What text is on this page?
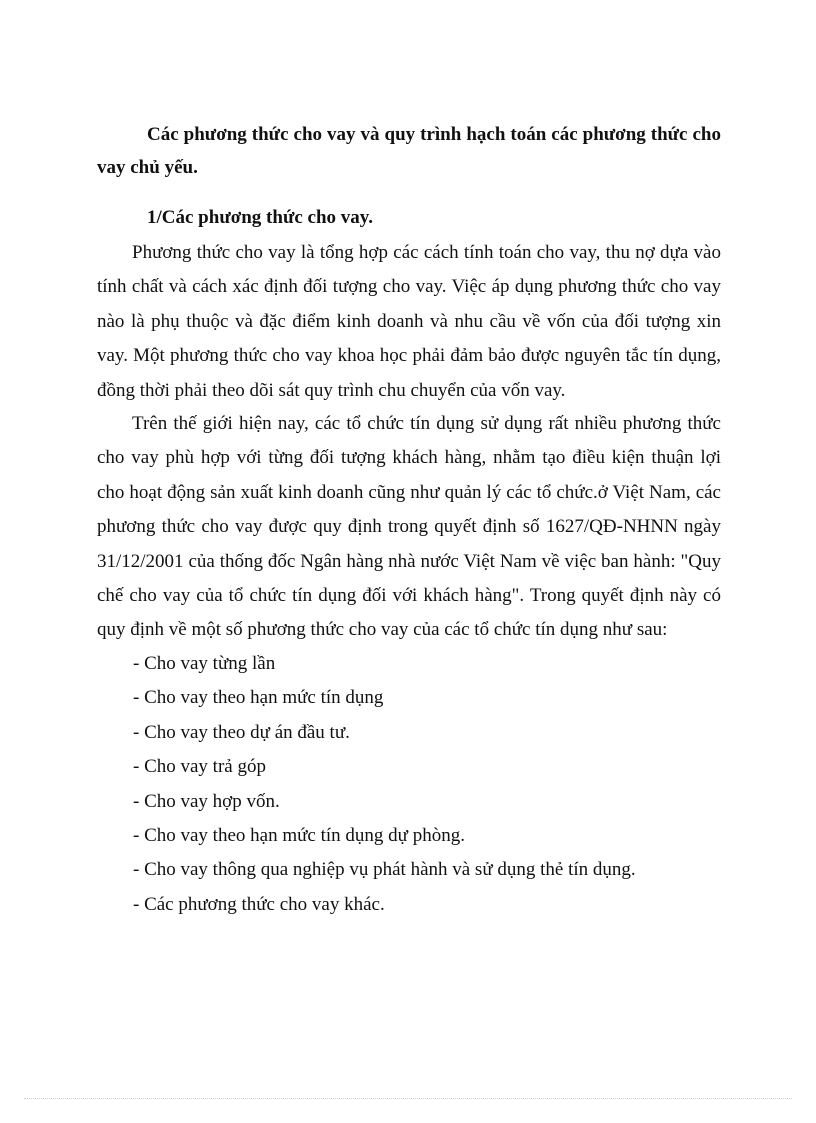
Các phương thức cho vay và quy trình hạch toán các phương thức cho vay chủ yếu.

1/Các phương thức cho vay.

Phương thức cho vay là tổng hợp các cách tính toán cho vay, thu nợ dựa vào tính chất và cách xác định đối tượng cho vay. Việc áp dụng phương thức cho vay nào là phụ thuộc và đặc điểm kinh doanh và nhu cầu về vốn của đối tượng xin vay. Một phương thức cho vay khoa học phải đảm bảo được nguyên tắc tín dụng, đồng thời phải theo dõi sát quy trình chu chuyển của vốn vay.

Trên thế giới hiện nay, các tổ chức tín dụng sử dụng rất nhiều phương thức cho vay phù hợp với từng đối tượng khách hàng, nhằm tạo điều kiện thuận lợi cho hoạt động sản xuất kinh doanh cũng như quản lý các tổ chức.ở Việt Nam, các phương thức cho vay được quy định trong quyết định số 1627/QĐ-NHNN ngày 31/12/2001 của thống đốc Ngân hàng nhà nước Việt Nam về việc ban hành: "Quy chế cho vay của tổ chức tín dụng đối với khách hàng". Trong quyết định này có quy định về một số phương thức cho vay của các tổ chức tín dụng như sau:

- Cho vay từng lần
- Cho vay theo hạn mức tín dụng
- Cho vay theo dự án đầu tư.
- Cho vay trả góp
- Cho vay hợp vốn.
- Cho vay theo hạn mức tín dụng dự phòng.
- Cho vay thông qua nghiệp vụ phát hành và sử dụng thẻ tín dụng.
- Các phương thức cho vay khác.
